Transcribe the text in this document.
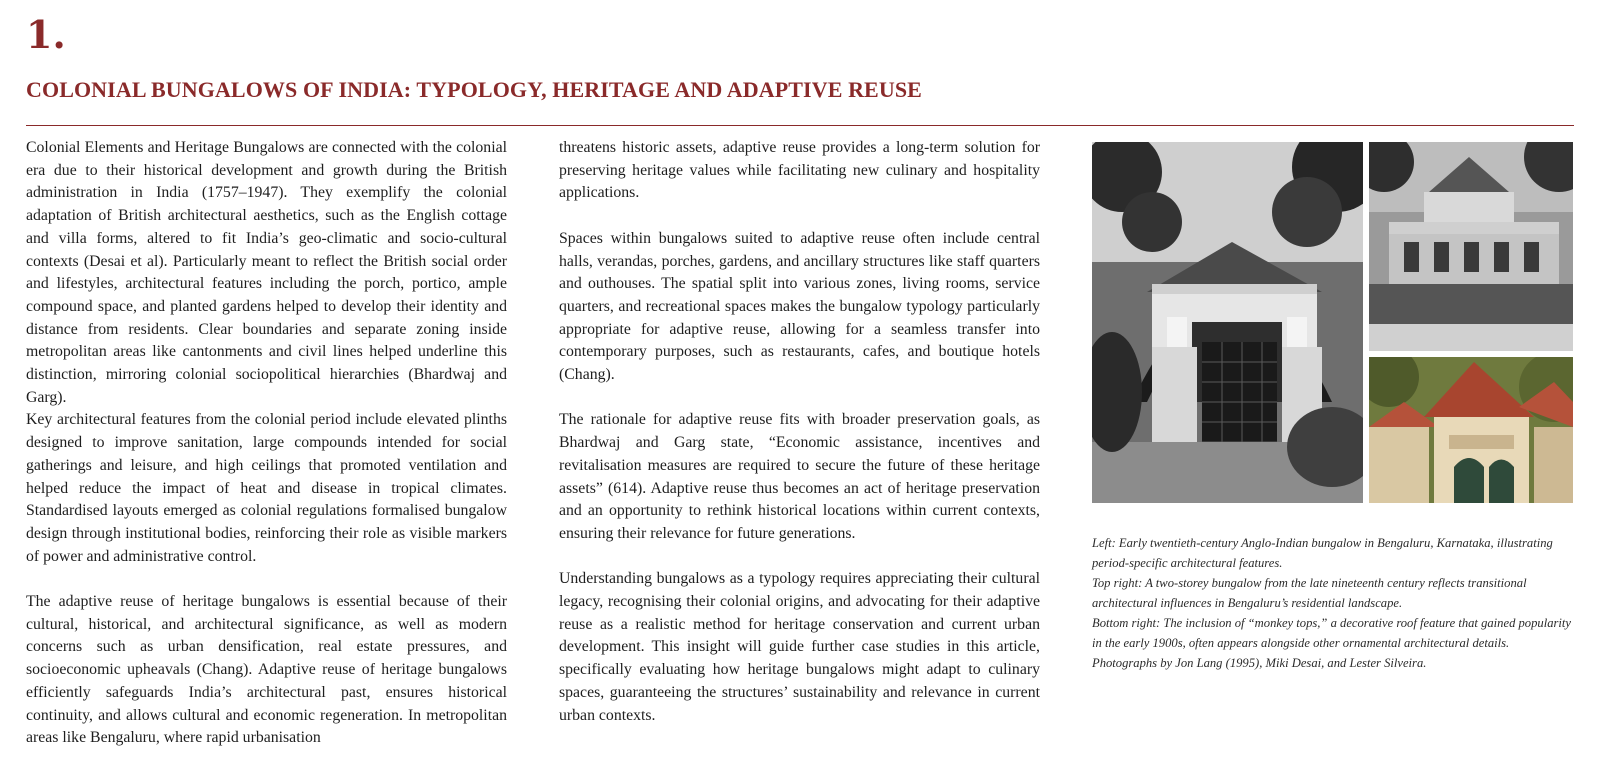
1.
COLONIAL BUNGALOWS OF INDIA: TYPOLOGY, HERITAGE AND ADAPTIVE REUSE

Colonial Elements and Heritage Bungalows are connected with the colonial era due to their historical development and growth during the British administration in India (1757–1947). They exemplify the colonial adaptation of British architectural aesthetics, such as the English cottage and villa forms, altered to fit India’s geo-climatic and socio-cultural contexts (Desai et al). Particularly meant to reflect the British social order and lifestyles, architectural features including the porch, portico, ample compound space, and planted gardens helped to develop their identity and distance from residents. Clear boundaries and separate zoning inside metropolitan areas like cantonments and civil lines helped underline this distinction, mirroring colonial sociopolitical hierarchies (Bhardwaj and Garg).

Key architectural features from the colonial period include elevated plinths designed to improve sanitation, large compounds intended for social gatherings and leisure, and high ceilings that promoted ventilation and helped reduce the impact of heat and disease in tropical climates. Standardised layouts emerged as colonial regulations formalised bungalow design through institutional bodies, reinforcing their role as visible markers of power and administrative control.

The adaptive reuse of heritage bungalows is essential because of their cultural, historical, and architectural significance, as well as modern concerns such as urban densification, real estate pressures, and socioeconomic upheavals (Chang). Adaptive reuse of heritage bungalows efficiently safeguards India’s architectural past, ensures historical continuity, and allows cultural and economic regeneration. In metropolitan areas like Bengaluru, where rapid urbanisation

threatens historic assets, adaptive reuse provides a long-term solution for preserving heritage values while facilitating new culinary and hospitality applications.

Spaces within bungalows suited to adaptive reuse often include central halls, verandas, porches, gardens, and ancillary structures like staff quarters and outhouses. The spatial split into various zones, living rooms, service quarters, and recreational spaces makes the bungalow typology particularly appropriate for adaptive reuse, allowing for a seamless transfer into contemporary purposes, such as restaurants, cafes, and boutique hotels (Chang).

The rationale for adaptive reuse fits with broader preservation goals, as Bhardwaj and Garg state, “Economic assistance, incentives and revitalisation measures are required to secure the future of these heritage assets” (614). Adaptive reuse thus becomes an act of heritage preservation and an opportunity to rethink historical locations within current contexts, ensuring their relevance for future generations.

Understanding bungalows as a typology requires appreciating their cultural legacy, recognising their colonial origins, and advocating for their adaptive reuse as a realistic method for heritage conservation and current urban development. This insight will guide further case studies in this article, specifically evaluating how heritage bungalows might adapt to culinary spaces, guaranteeing the structures’ sustainability and relevance in current urban contexts.

Left: Early twentieth-century Anglo-Indian bungalow in Bengaluru, Karnataka, illustrating period-specific architectural features.

Top right: A two-storey bungalow from the late nineteenth century reflects transitional architectural influences in Bengaluru’s residential landscape.

Bottom right: The inclusion of “monkey tops,” a decorative roof feature that gained popularity in the early 1900s, often appears alongside other ornamental architectural details.

Photographs by Jon Lang (1995), Miki Desai, and Lester Silveira.
